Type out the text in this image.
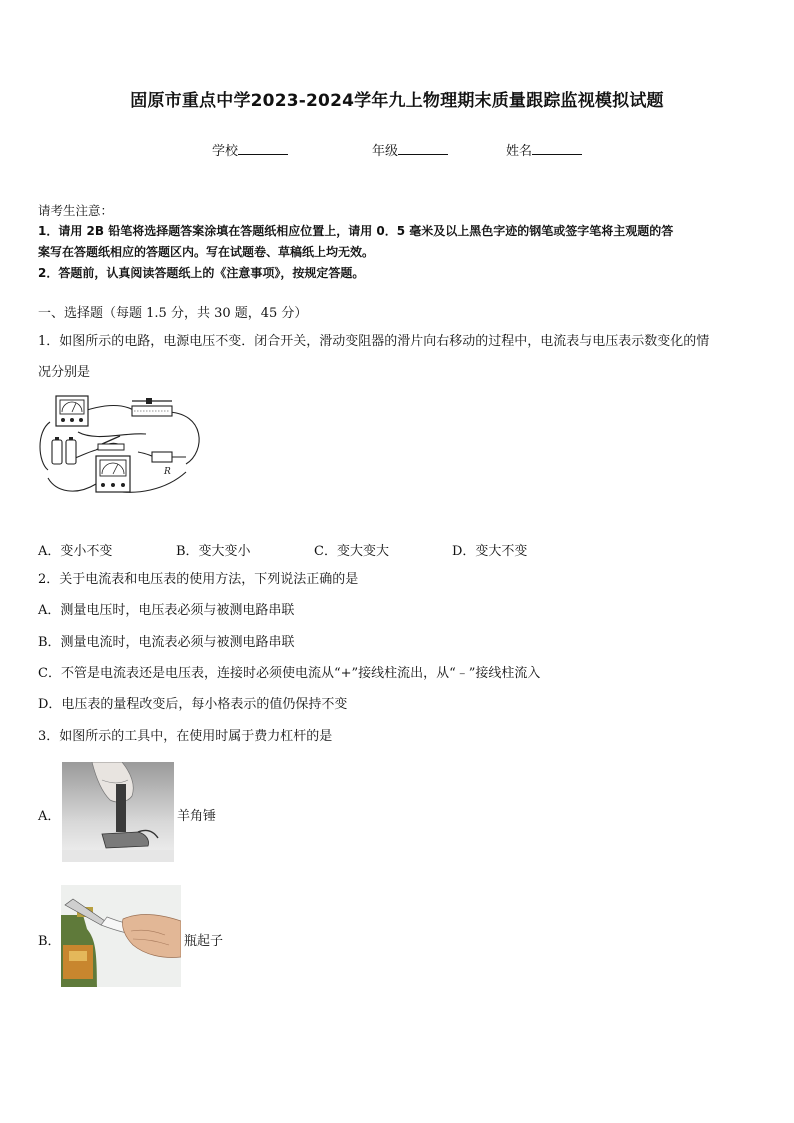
固原市重点中学2023-2024学年九上物理期末质量跟踪监视模拟试题
学校	年级	姓名
请考生注意：
1．请用 2B 铅笔将选择题答案涂填在答题纸相应位置上，请用 0．5 毫米及以上黑色字迹的钢笔或签字笔将主观题的答
案写在答题纸相应的答题区内。写在试题卷、草稿纸上均无效。
2．答题前，认真阅读答题纸上的《注意事项》，按规定答题。
一、选择题（每题 1.5 分，共 30 题，45 分）
1．如图所示的电路，电源电压不变．闭合开关，滑动变阻器的滑片向右移动的过程中，电流表与电压表示数变化的情
况分别是
R
A．变小不变	B．变大变小	C．变大变大	D．变大不变
2．关于电流表和电压表的使用方法，下列说法正确的是
A．测量电压时，电压表必须与被测电路串联
B．测量电流时，电流表必须与被测电路串联
C．不管是电流表还是电压表，连接时必须使电流从“+”接线柱流出，从“﹣”接线柱流入
D．电压表的量程改变后，每小格表示的值仍保持不变
3．如图所示的工具中，在使用时属于费力杠杆的是
A．	羊角锤
B．	瓶起子
